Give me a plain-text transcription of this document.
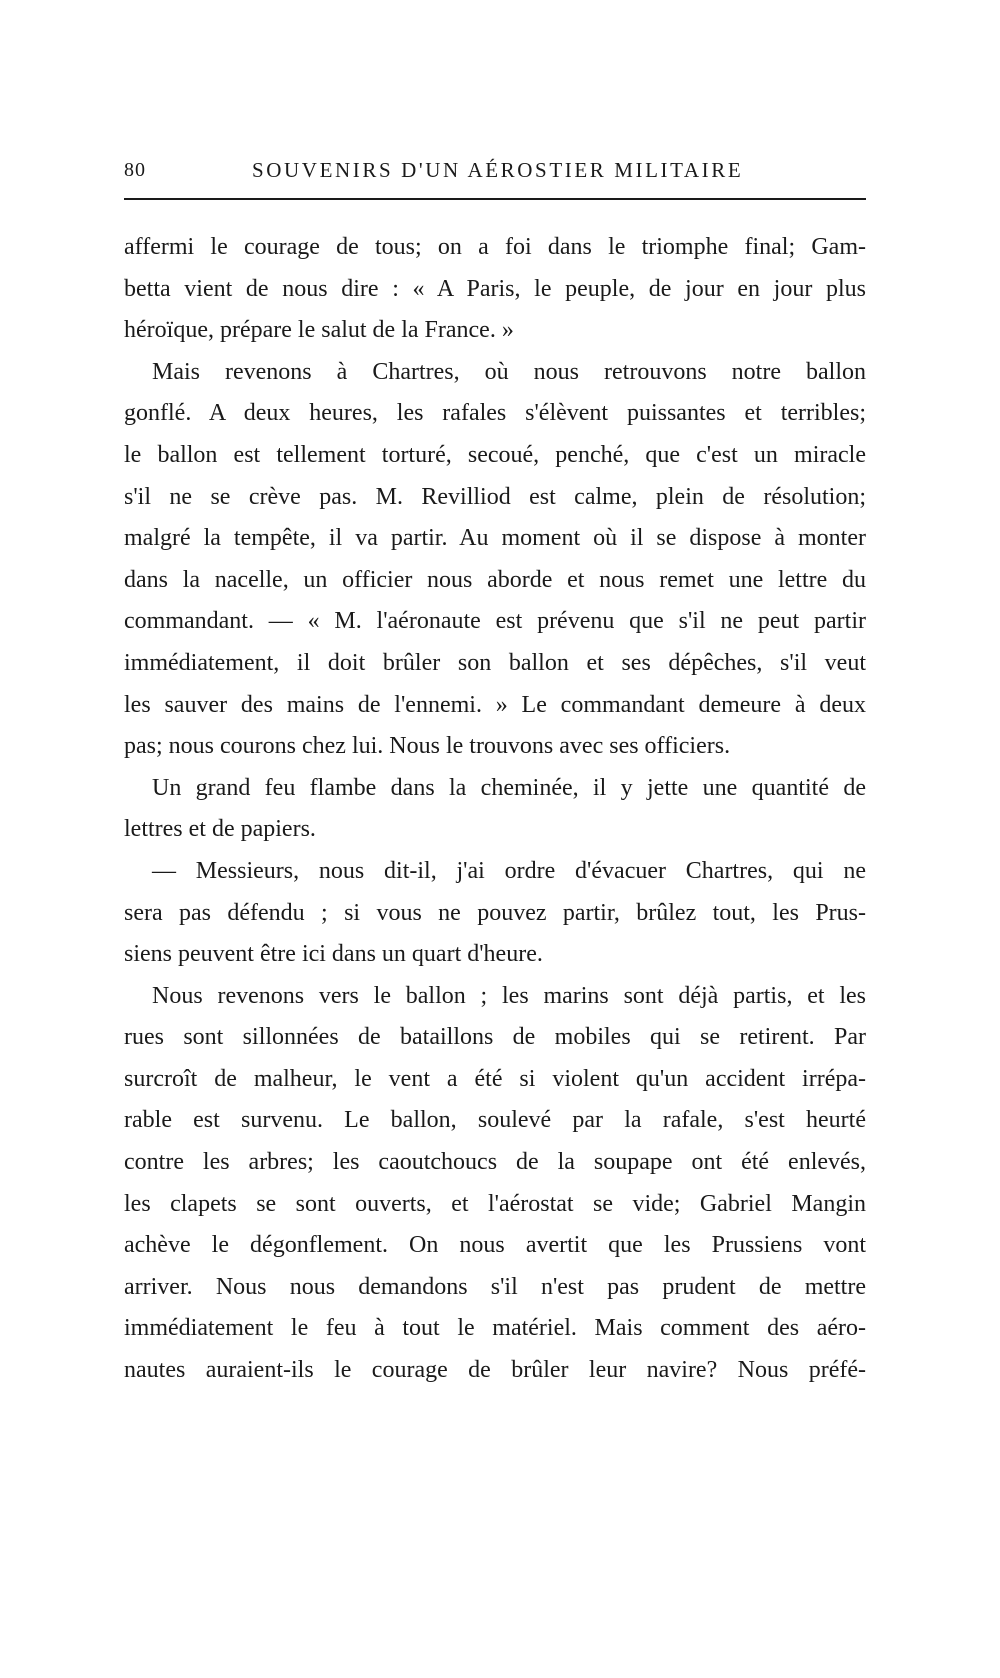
80	SOUVENIRS D'UN AÉROSTIER MILITAIRE
affermi le courage de tous; on a foi dans le triomphe final; Gam-
betta vient de nous dire : « A Paris, le peuple, de jour en jour plus
héroïque, prépare le salut de la France. »
Mais revenons à Chartres, où nous retrouvons notre ballon
gonflé. A deux heures, les rafales s'élèvent puissantes et terribles;
le ballon est tellement torturé, secoué, penché, que c'est un miracle
s'il ne se crève pas. M. Revilliod est calme, plein de résolution;
malgré la tempête, il va partir. Au moment où il se dispose à monter
dans la nacelle, un officier nous aborde et nous remet une lettre du
commandant. — « M. l'aéronaute est prévenu que s'il ne peut partir
immédiatement, il doit brûler son ballon et ses dépêches, s'il veut
les sauver des mains de l'ennemi. » Le commandant demeure à deux
pas; nous courons chez lui. Nous le trouvons avec ses officiers.
Un grand feu flambe dans la cheminée, il y jette une quantité de
lettres et de papiers.
— Messieurs, nous dit-il, j'ai ordre d'évacuer Chartres, qui ne
sera pas défendu ; si vous ne pouvez partir, brûlez tout, les Prus-
siens peuvent être ici dans un quart d'heure.
Nous revenons vers le ballon ; les marins sont déjà partis, et les
rues sont sillonnées de bataillons de mobiles qui se retirent. Par
surcroît de malheur, le vent a été si violent qu'un accident irrépa-
rable est survenu. Le ballon, soulevé par la rafale, s'est heurté
contre les arbres; les caoutchoucs de la soupape ont été enlevés,
les clapets se sont ouverts, et l'aérostat se vide; Gabriel Mangin
achève le dégonflement. On nous avertit que les Prussiens vont
arriver. Nous nous demandons s'il n'est pas prudent de mettre
immédiatement le feu à tout le matériel. Mais comment des aéro-
nautes auraient-ils le courage de brûler leur navire? Nous préfé-
